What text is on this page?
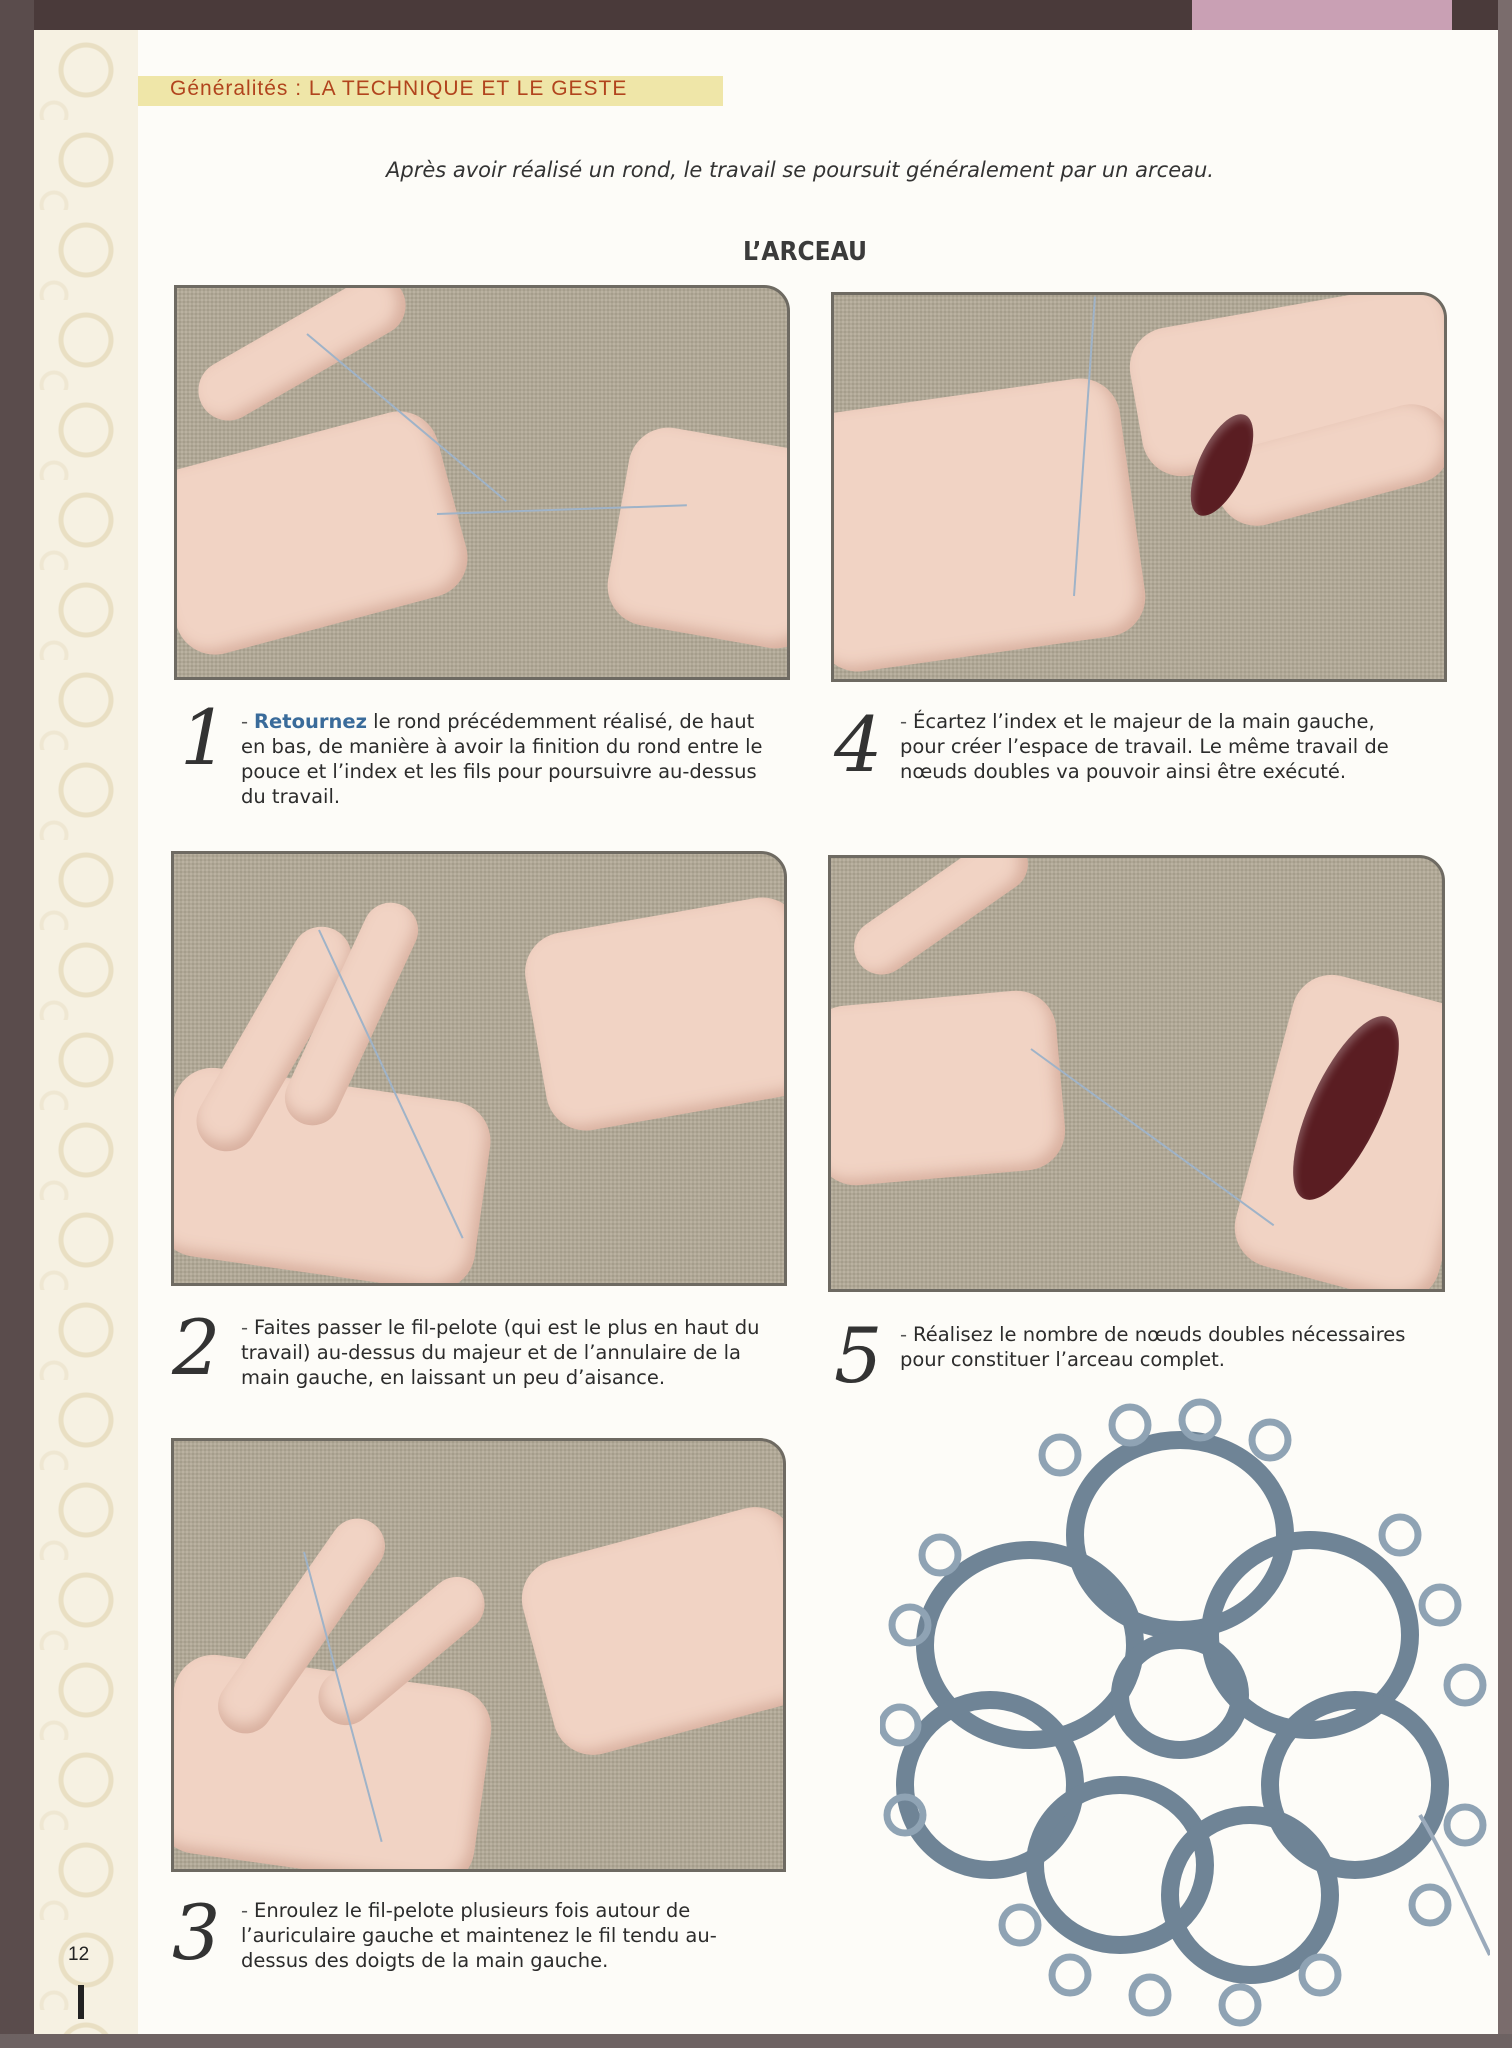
Généralités : LA TECHNIQUE ET LE GESTE
Après avoir réalisé un rond, le travail se poursuit généralement par un arceau.
L’ARCEAU
1 - Retournez le rond précédemment réalisé, de haut en bas, de manière à avoir la finition du rond entre le pouce et l’index et les fils pour poursuivre au-dessus du travail.
4 - Écartez l’index et le majeur de la main gauche, pour créer l’espace de travail. Le même travail de nœuds doubles va pouvoir ainsi être exécuté.
2 - Faites passer le fil-pelote (qui est le plus en haut du travail) au-dessus du majeur et de l’annulaire de la main gauche, en laissant un peu d’aisance.	5 - Réalisez le nombre de nœuds doubles nécessaires pour constituer l’arceau complet.
3 - Enroulez le fil-pelote plusieurs fois autour de l’auriculaire gauche et maintenez le fil tendu au-dessus des doigts de la main gauche.
12
